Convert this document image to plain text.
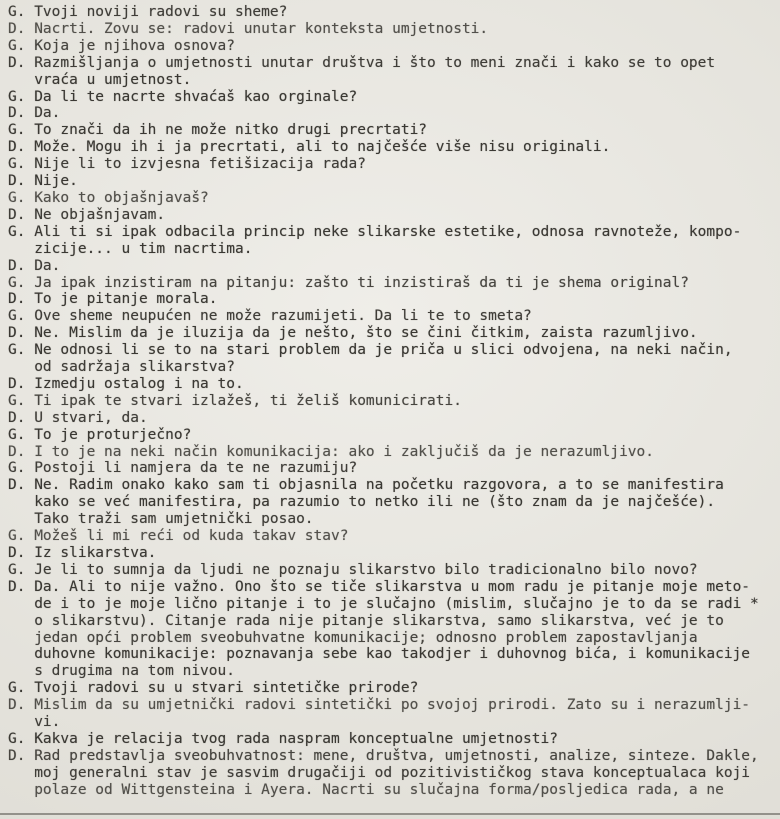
G. Tvoji noviji radovi su sheme?
D. Nacrti. Zovu se: radovi unutar konteksta umjetnosti.
G. Koja je njihova osnova?
D. Razmišljanja o umjetnosti unutar društva i što to meni znači i kako se to opet
vraća u umjetnost.
G. Da li te nacrte shvaćaš kao orginale?
D. Da.
G. To znači da ih ne može nitko drugi precrtati?
D. Može. Mogu ih i ja precrtati, ali to najčešće više nisu originali.
G. Nije li to izvjesna fetišizacija rada?
D. Nije.
G. Kako to objašnjavaš?
D. Ne objašnjavam.
G. Ali ti si ipak odbacila princip neke slikarske estetike, odnosa ravnoteže, kompo-
zicije... u tim nacrtima.
D. Da.
G. Ja ipak inzistiram na pitanju: zašto ti inzistiraš da ti je shema original?
D. To je pitanje morala.
G. Ove sheme neupućen ne može razumijeti. Da li te to smeta?
D. Ne. Mislim da je iluzija da je nešto, što se čini čitkim, zaista razumljivo.
G. Ne odnosi li se to na stari problem da je priča u slici odvojena, na neki način,
od sadržaja slikarstva?
D. Izmedju ostalog i na to.
G. Ti ipak te stvari izlažeš, ti želiš komunicirati.
D. U stvari, da.
G. To je proturječno?
D. I to je na neki način komunikacija: ako i zaključiš da je nerazumljivo.
G. Postoji li namjera da te ne razumiju?
D. Ne. Radim onako kako sam ti objasnila na početku razgovora, a to se manifestira
kako se već manifestira, pa razumio to netko ili ne (što znam da je najčešće).
Tako traži sam umjetnički posao.
G. Možeš li mi reći od kuda takav stav?
D. Iz slikarstva.
G. Je li to sumnja da ljudi ne poznaju slikarstvo bilo tradicionalno bilo novo?
D. Da. Ali to nije važno. Ono što se tiče slikarstva u mom radu je pitanje moje meto-
de i to je moje lično pitanje i to je slučajno (mislim, slučajno je to da se radi *
o slikarstvu). Citanje rada nije pitanje slikarstva, samo slikarstva, već je to
jedan opći problem sveobuhvatne komunikacije; odnosno problem zapostavljanja
duhovne komunikacije: poznavanja sebe kao takodjer i duhovnog bića, i komunikacije
s drugima na tom nivou.
G. Tvoji radovi su u stvari sintetičke prirode?
D. Mislim da su umjetnički radovi sintetički po svojoj prirodi. Zato su i nerazumlji-
vi.
G. Kakva je relacija tvog rada naspram konceptualne umjetnosti?
D. Rad predstavlja sveobuhvatnost: mene, društva, umjetnosti, analize, sinteze. Dakle,
moj generalni stav je sasvim drugačiji od pozitivističkog stava konceptualaca koji
polaze od Wittgensteina i Ayera. Nacrti su slučajna forma/posljedica rada, a ne
